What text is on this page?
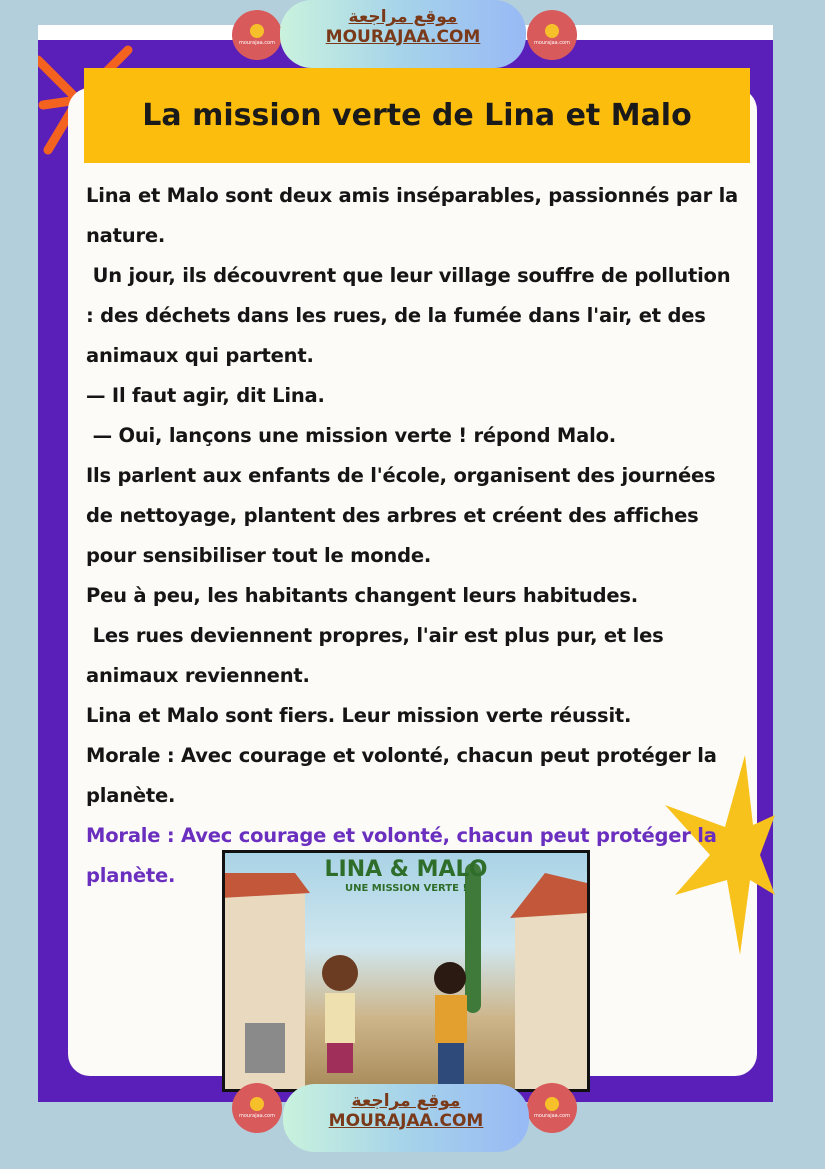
La mission verte de Lina et Malo

Lina et Malo sont deux amis inséparables, passionnés par la

nature.

Un jour, ils découvrent que leur village souffre de pollution

: des déchets dans les rues, de la fumée dans l'air, et des

animaux qui partent.

— Il faut agir, dit Lina.

— Oui, lançons une mission verte ! répond Malo.

Ils parlent aux enfants de l'école, organisent des journées

de nettoyage, plantent des arbres et créent des affiches

pour sensibiliser tout le monde.

Peu à peu, les habitants changent leurs habitudes.

Les rues deviennent propres, l'air est plus pur, et les

animaux reviennent.

Lina et Malo sont fiers. Leur mission verte réussit.

Morale : Avec courage et volonté, chacun peut protéger la

planète.

Morale : Avec courage et volonté, chacun peut protéger la

planète.	LINA & MALO
UNE MISSION VERTE !
mourajaa.com	mourajaa.com
موقع مراجعة
MOURAJAA.COM
mourajaa.com	mourajaa.com
موقع مراجعة
MOURAJAA.COM
